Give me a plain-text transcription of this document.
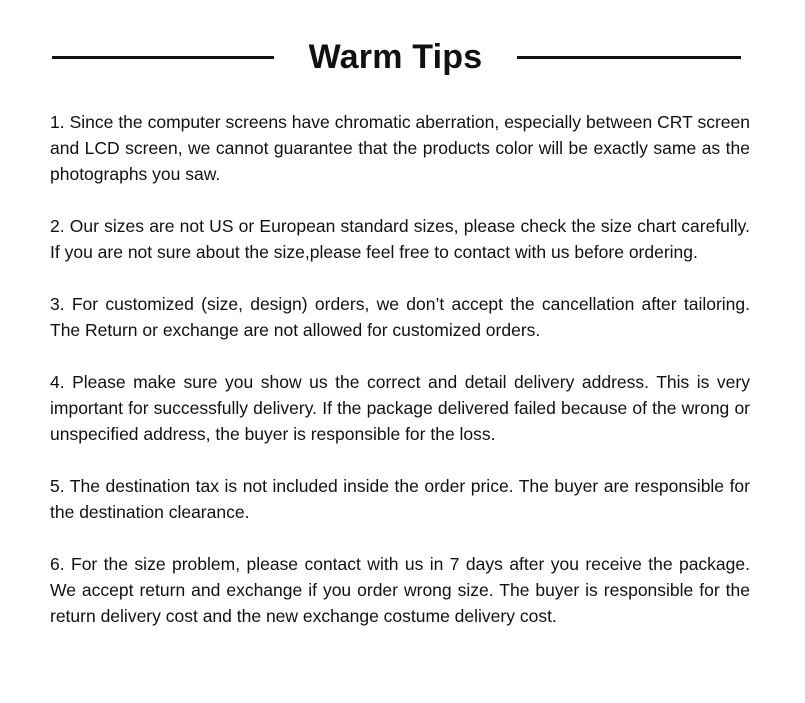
Warm Tips

1. Since the computer screens have chromatic aberration, especially between CRT screen and LCD screen, we cannot guarantee that the products color will be exactly same as the photographs you saw.

2. Our sizes are not US or European standard sizes, please check the size chart carefully. If you are not sure about the size,please feel free to contact with us before ordering.

3. For customized (size, design) orders, we don’t accept the cancellation after tailoring. The Return or exchange are not allowed for customized orders.

4. Please make sure you show us the correct and detail delivery address. This is very important for successfully delivery. If the package delivered failed because of the wrong or unspecified address, the buyer is responsible for the loss.

5. The destination tax is not included inside the order price. The buyer are responsible for the destination clearance.

6. For the size problem, please contact with us in 7 days after you receive the package. We accept return and exchange if you order wrong size. The buyer is responsible for the return delivery cost and the new exchange costume delivery cost.
